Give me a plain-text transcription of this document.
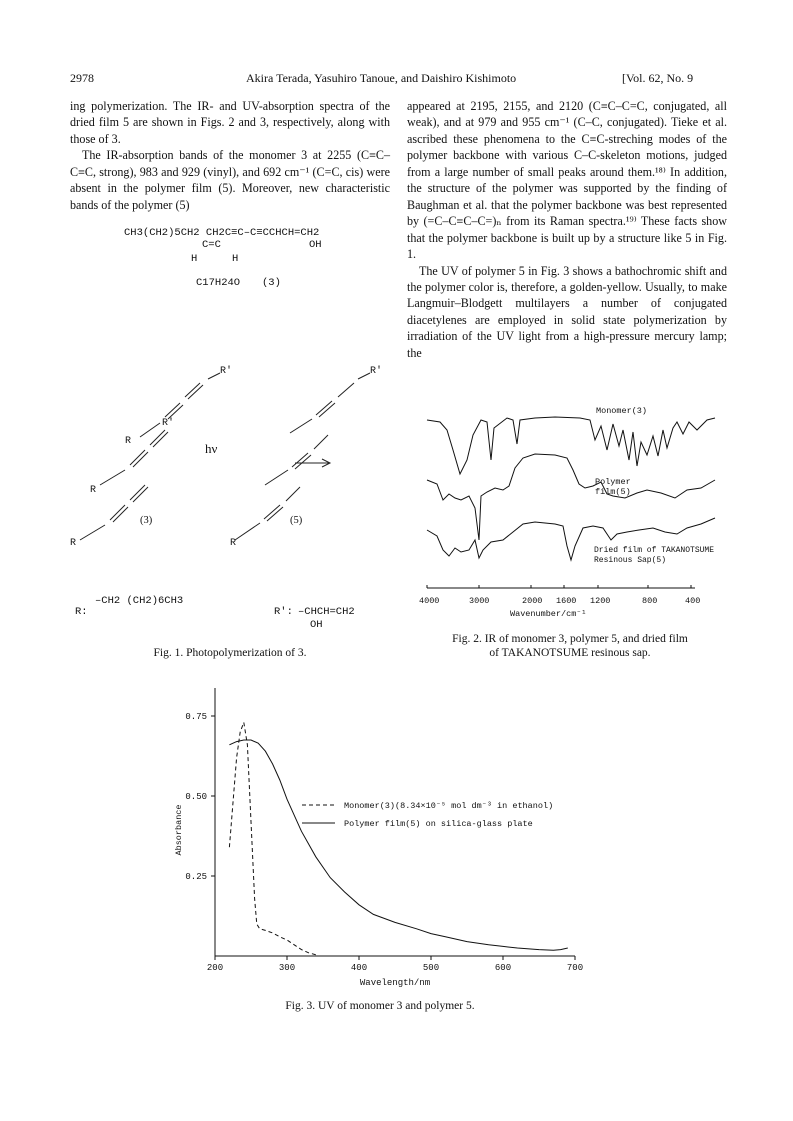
2978	Akira Terada, Yasuhiro Tanoue, and Daishiro Kishimoto	[Vol. 62, No. 9

ing polymerization. The IR- and UV-absorption spectra of the dried film 5 are shown in Figs. 2 and 3, respectively, along with those of 3.

The IR-absorption bands of the monomer 3 at 2255 (C≡C–C≡C, strong), 983 and 929 (vinyl), and 692 cm⁻¹ (C=C, cis) were absent in the polymer film (5). Moreover, new characteristic bands of the polymer (5)

appeared at 2195, 2155, and 2120 (C≡C–C=C, conjugated, all weak), and at 979 and 955 cm⁻¹ (C–C, conjugated). Tieke et al. ascribed these phenomena to the C≡C-streching modes of the polymer backbone with various C–C-skeleton motions, judged from a large number of small peaks around them.¹⁸⁾ In addition, the structure of the polymer was supported by the finding of Baughman et al. that the polymer backbone was best represented by (=C–C≡C–C=)ₙ from its Raman spectra.¹⁹⁾ These facts show that the polymer backbone is built up by a structure like 5 in Fig. 1.

The UV of polymer 5 in Fig. 3 shows a bathochromic shift and the polymer color is, therefore, a golden-yellow. Usually, to make Langmuir–Blodgett multilayers a number of conjugated diacetylenes are employed in solid state polymerization by irradiation of the UV light from a high-pressure mercury lamp; the

CH3(CH2)5CH2 CH2C≡C–C≡CCHCH=CH2
C=C	OH
H	H
C17H24O (3)
R
R'
R
R'
R
R
R'
hν
(3)	(5)
R:
–CH2 (CH2)6CH3
R': –CHCH=CH2
OH
Fig. 1. Photopolymerization of 3.
Monomer(3)
Polymer film(5)
Dried film of TAKANOTSUME Resinous Sap(5)
4000	3000	2000 1600 1200	800	400
Wavenumber/cm⁻¹
Fig. 2. IR of monomer 3, polymer 5, and dried film
of TAKANOTSUME resinous sap.
200	300	400	500	600	700
0.25
0.50
0.75
Monomer(3)(8.34×10⁻⁵ mol dm⁻³ in ethanol)
Polymer film(5) on silica-glass plate
Wavelength/nm
Absorbance
Fig. 3. UV of monomer 3 and polymer 5.
